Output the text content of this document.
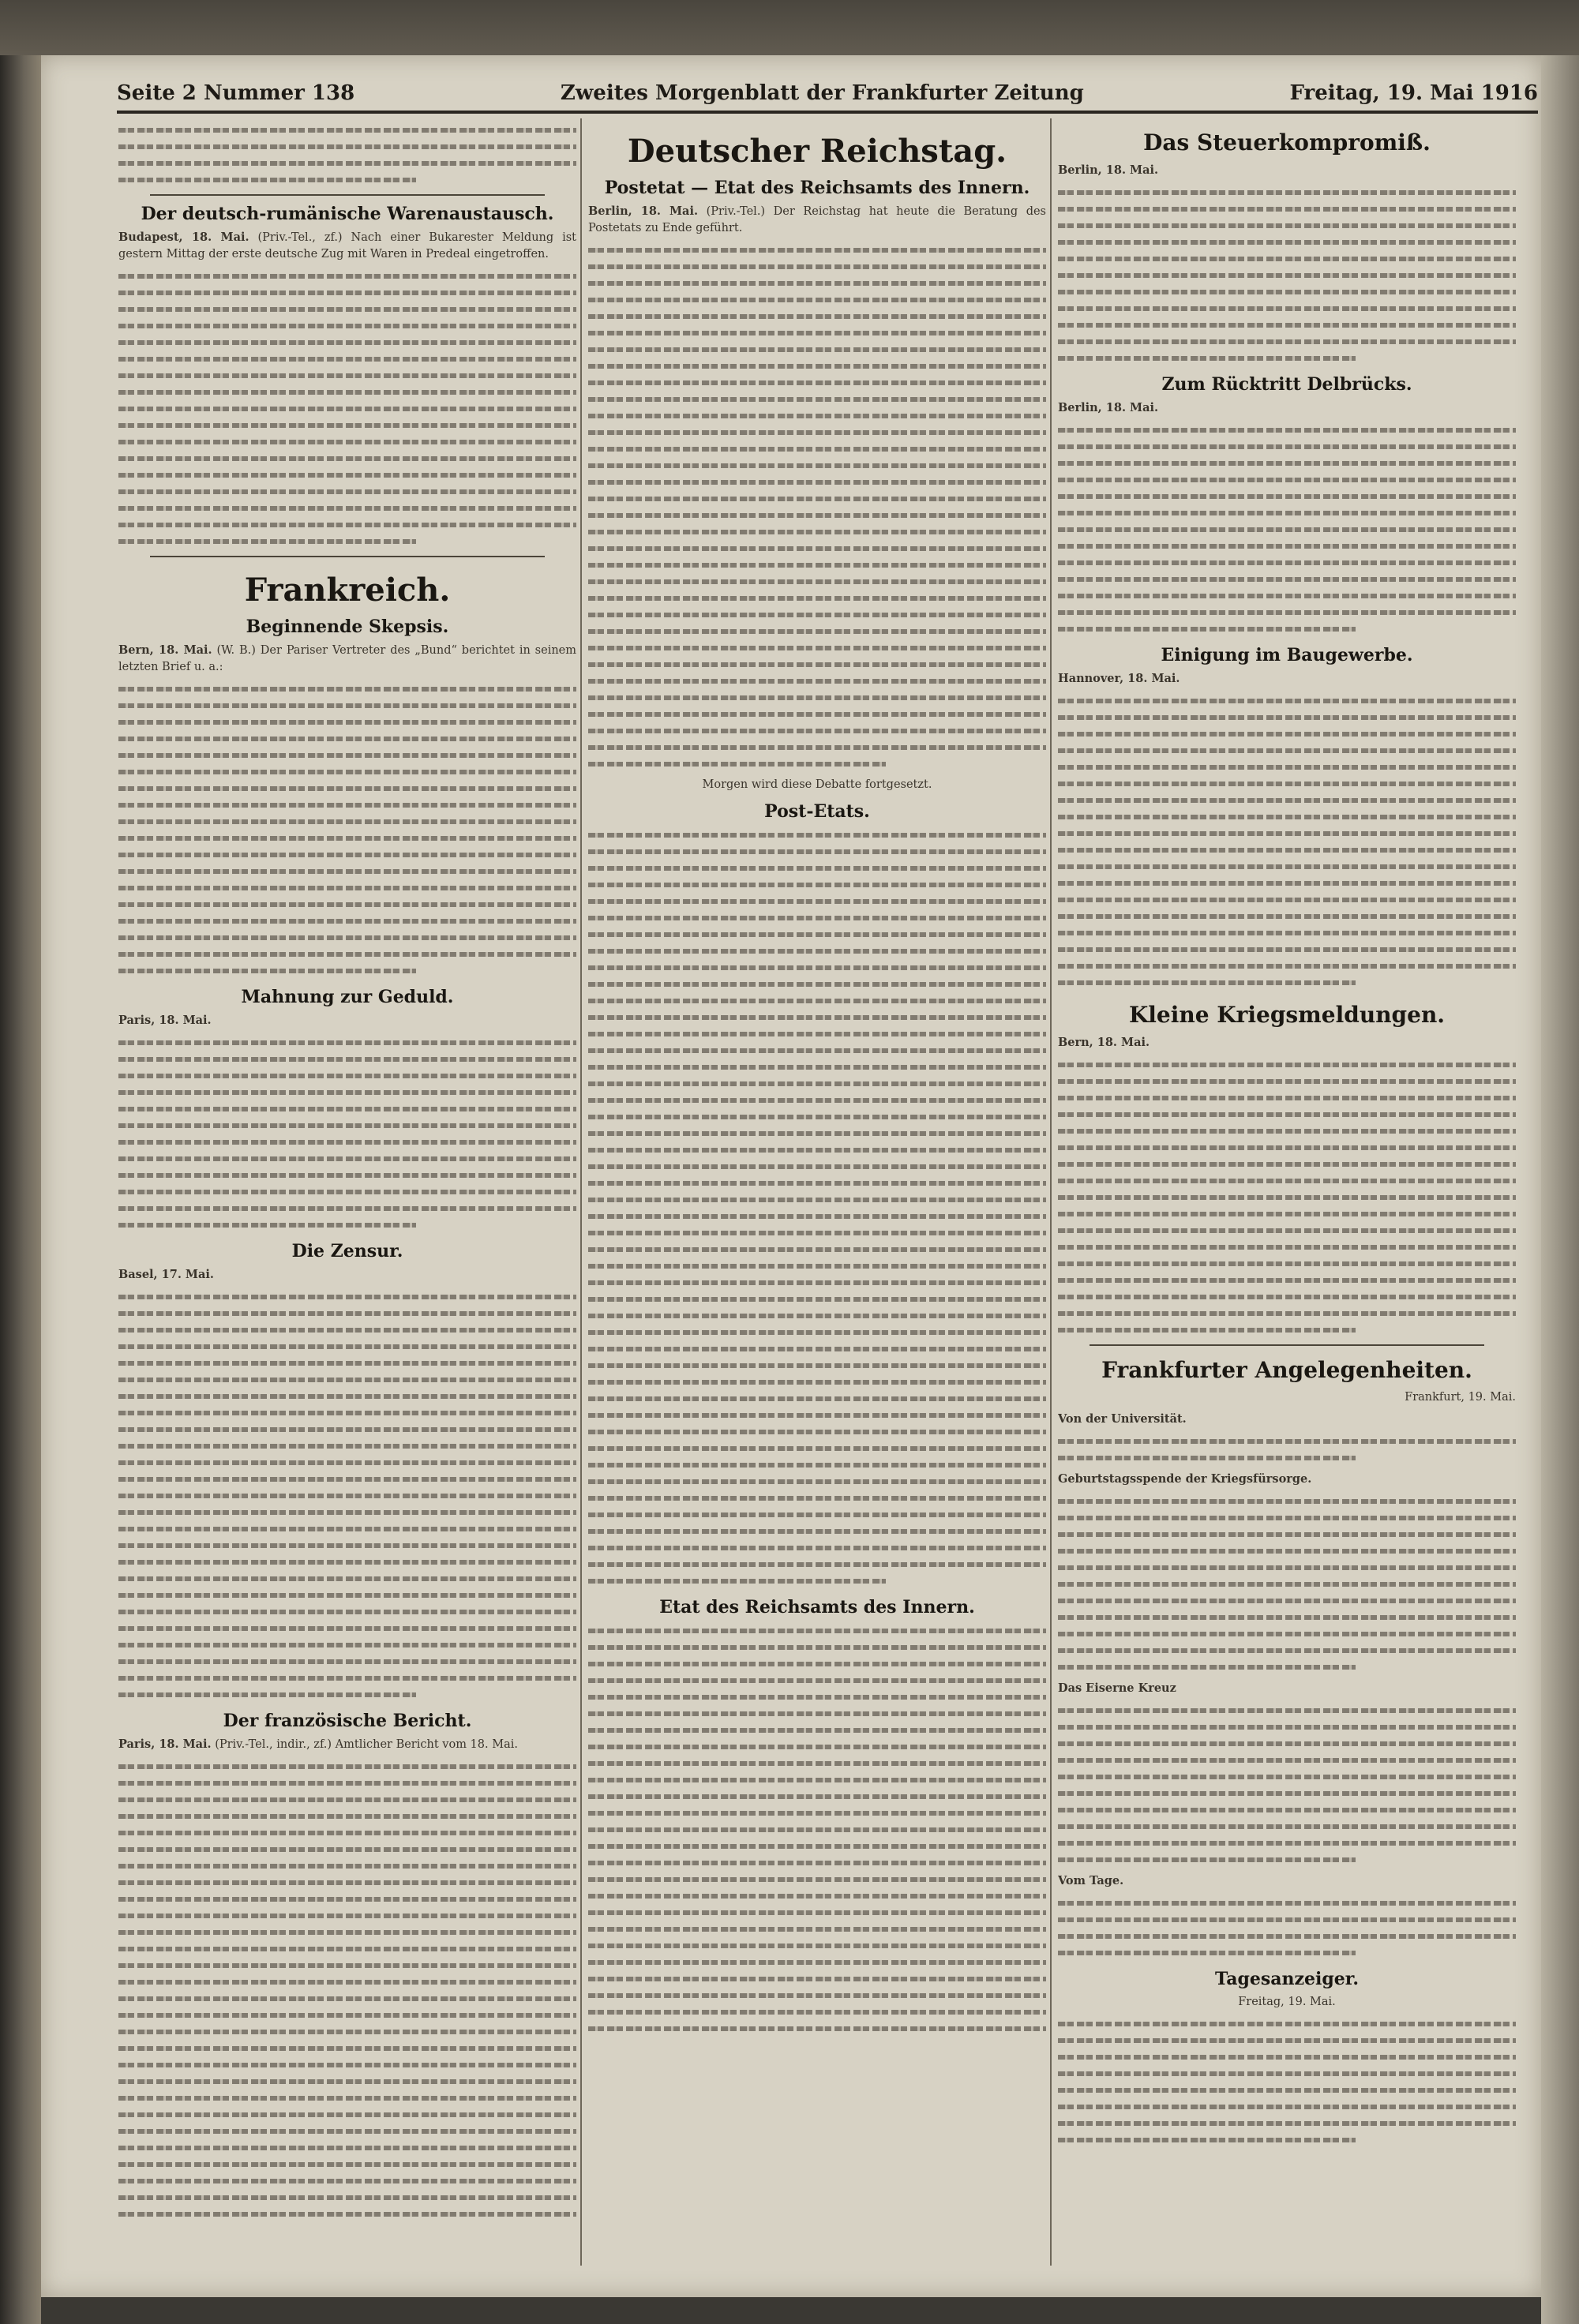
Seite 2 Nummer 138	Zweites Morgenblatt der Frankfurter Zeitung	Freitag, 19. Mai 1916
Der deutsch-rumänische Warenaustausch.

Budapest, 18. Mai. (Priv.-Tel., zf.) Nach einer Bukarester Meldung ist gestern Mittag der erste deutsche Zug mit Waren in Predeal eingetroffen.

Frankreich.
Beginnende Skepsis.

Bern, 18. Mai. (W. B.) Der Pariser Vertreter des „Bund“ berichtet in seinem letzten Brief u. a.:

Mahnung zur Geduld.

Paris, 18. Mai.

Die Zensur.

Basel, 17. Mai.

Der französische Bericht.

Paris, 18. Mai. (Priv.-Tel., indir., zf.) Amtlicher Bericht vom 18. Mai.

Deutscher Reichstag.
Postetat — Etat des Reichsamts des Innern.

Berlin, 18. Mai. (Priv.-Tel.) Der Reichstag hat heute die Beratung des Postetats zu Ende geführt.

Morgen wird diese Debatte fortgesetzt.

Post-Etats.
Etat des Reichsamts des Innern.
Das Steuerkompromiß.

Berlin, 18. Mai.

Zum Rücktritt Delbrücks.

Berlin, 18. Mai.

Einigung im Baugewerbe.

Hannover, 18. Mai.

Kleine Kriegsmeldungen.

Bern, 18. Mai.

Frankfurter Angelegenheiten.

Frankfurt, 19. Mai.

Von der Universität.

Geburtstagsspende der Kriegsfürsorge.

Das Eiserne Kreuz

Vom Tage.

Tagesanzeiger.

Freitag, 19. Mai.
